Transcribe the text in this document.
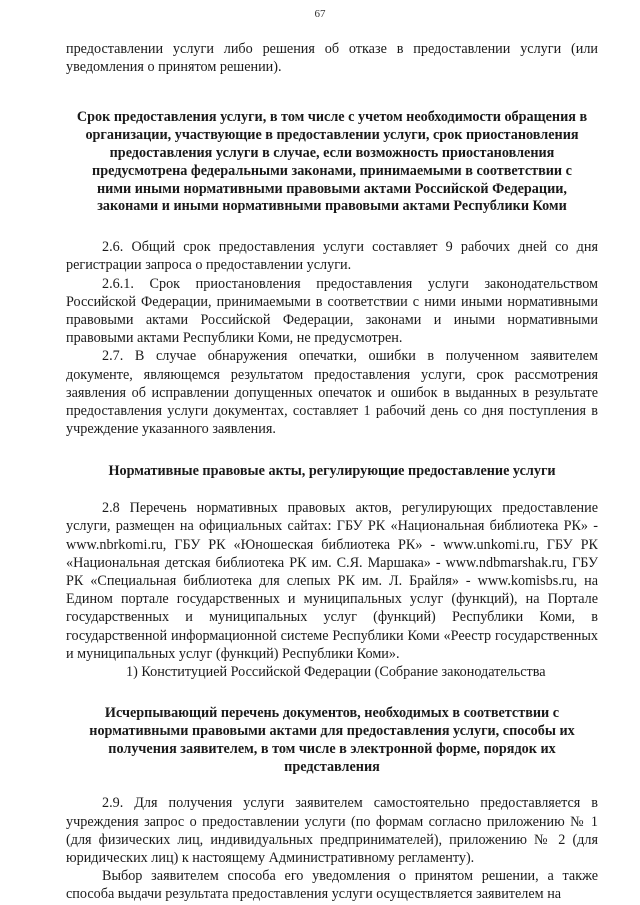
67

предоставлении услуги либо решения об отказе в предоставлении услуги (или уведомления о принятом решении).

Срок предоставления услуги, в том числе с учетом необходимости обращения в организации, участвующие в предоставлении услуги, срок приостановления предоставления услуги в случае, если возможность приостановления предусмотрена федеральными законами, принимаемыми в соответствии с ними иными нормативными правовыми актами Российской Федерации, законами и иными нормативными правовыми актами Республики Коми

2.6. Общий срок предоставления услуги составляет 9 рабочих дней со дня регистрации запроса о предоставлении услуги.

2.6.1. Срок приостановления предоставления услуги законодательством Российской Федерации, принимаемыми в соответствии с ними иными нормативными правовыми актами Российской Федерации, законами и иными нормативными правовыми актами Республики Коми, не предусмотрен.

2.7. В случае обнаружения опечатки, ошибки в полученном заявителем документе, являющемся результатом предоставления услуги, срок рассмотрения заявления об исправлении допущенных опечаток и ошибок в выданных в результате предоставления услуги документах, составляет 1 рабочий день со дня поступления в учреждение указанного заявления.

Нормативные правовые акты, регулирующие предоставление услуги

2.8 Перечень нормативных правовых актов, регулирующих предоставление услуги, размещен на официальных сайтах: ГБУ РК «Национальная библиотека РК» - www.nbrkomi.ru, ГБУ РК «Юношеская библиотека РК» - www.unkomi.ru, ГБУ РК «Национальная детская библиотека РК им. С.Я. Маршака» - www.ndbmarshak.ru, ГБУ РК «Специальная библиотека для слепых РК им. Л. Брайля» - www.komisbs.ru, на Едином портале государственных и муниципальных услуг (функций), на Портале государственных и муниципальных услуг (функций) Республики Коми, в государственной информационной системе Республики Коми «Реестр государственных и муниципальных услуг (функций) Республики Коми».

1) Конституцией Российской Федерации (Собрание законодательства

Исчерпывающий перечень документов, необходимых в соответствии с нормативными правовыми актами для предоставления услуги, способы их получения заявителем, в том числе в электронной форме, порядок их представления

2.9. Для получения услуги заявителем самостоятельно предоставляется в учреждения запрос о предоставлении услуги (по формам согласно приложению № 1 (для физических лиц, индивидуальных предпринимателей), приложению № 2 (для юридических лиц) к настоящему Административному регламенту).

Выбор заявителем способа его уведомления о принятом решении, а также способа выдачи результата предоставления услуги осуществляется заявителем на
